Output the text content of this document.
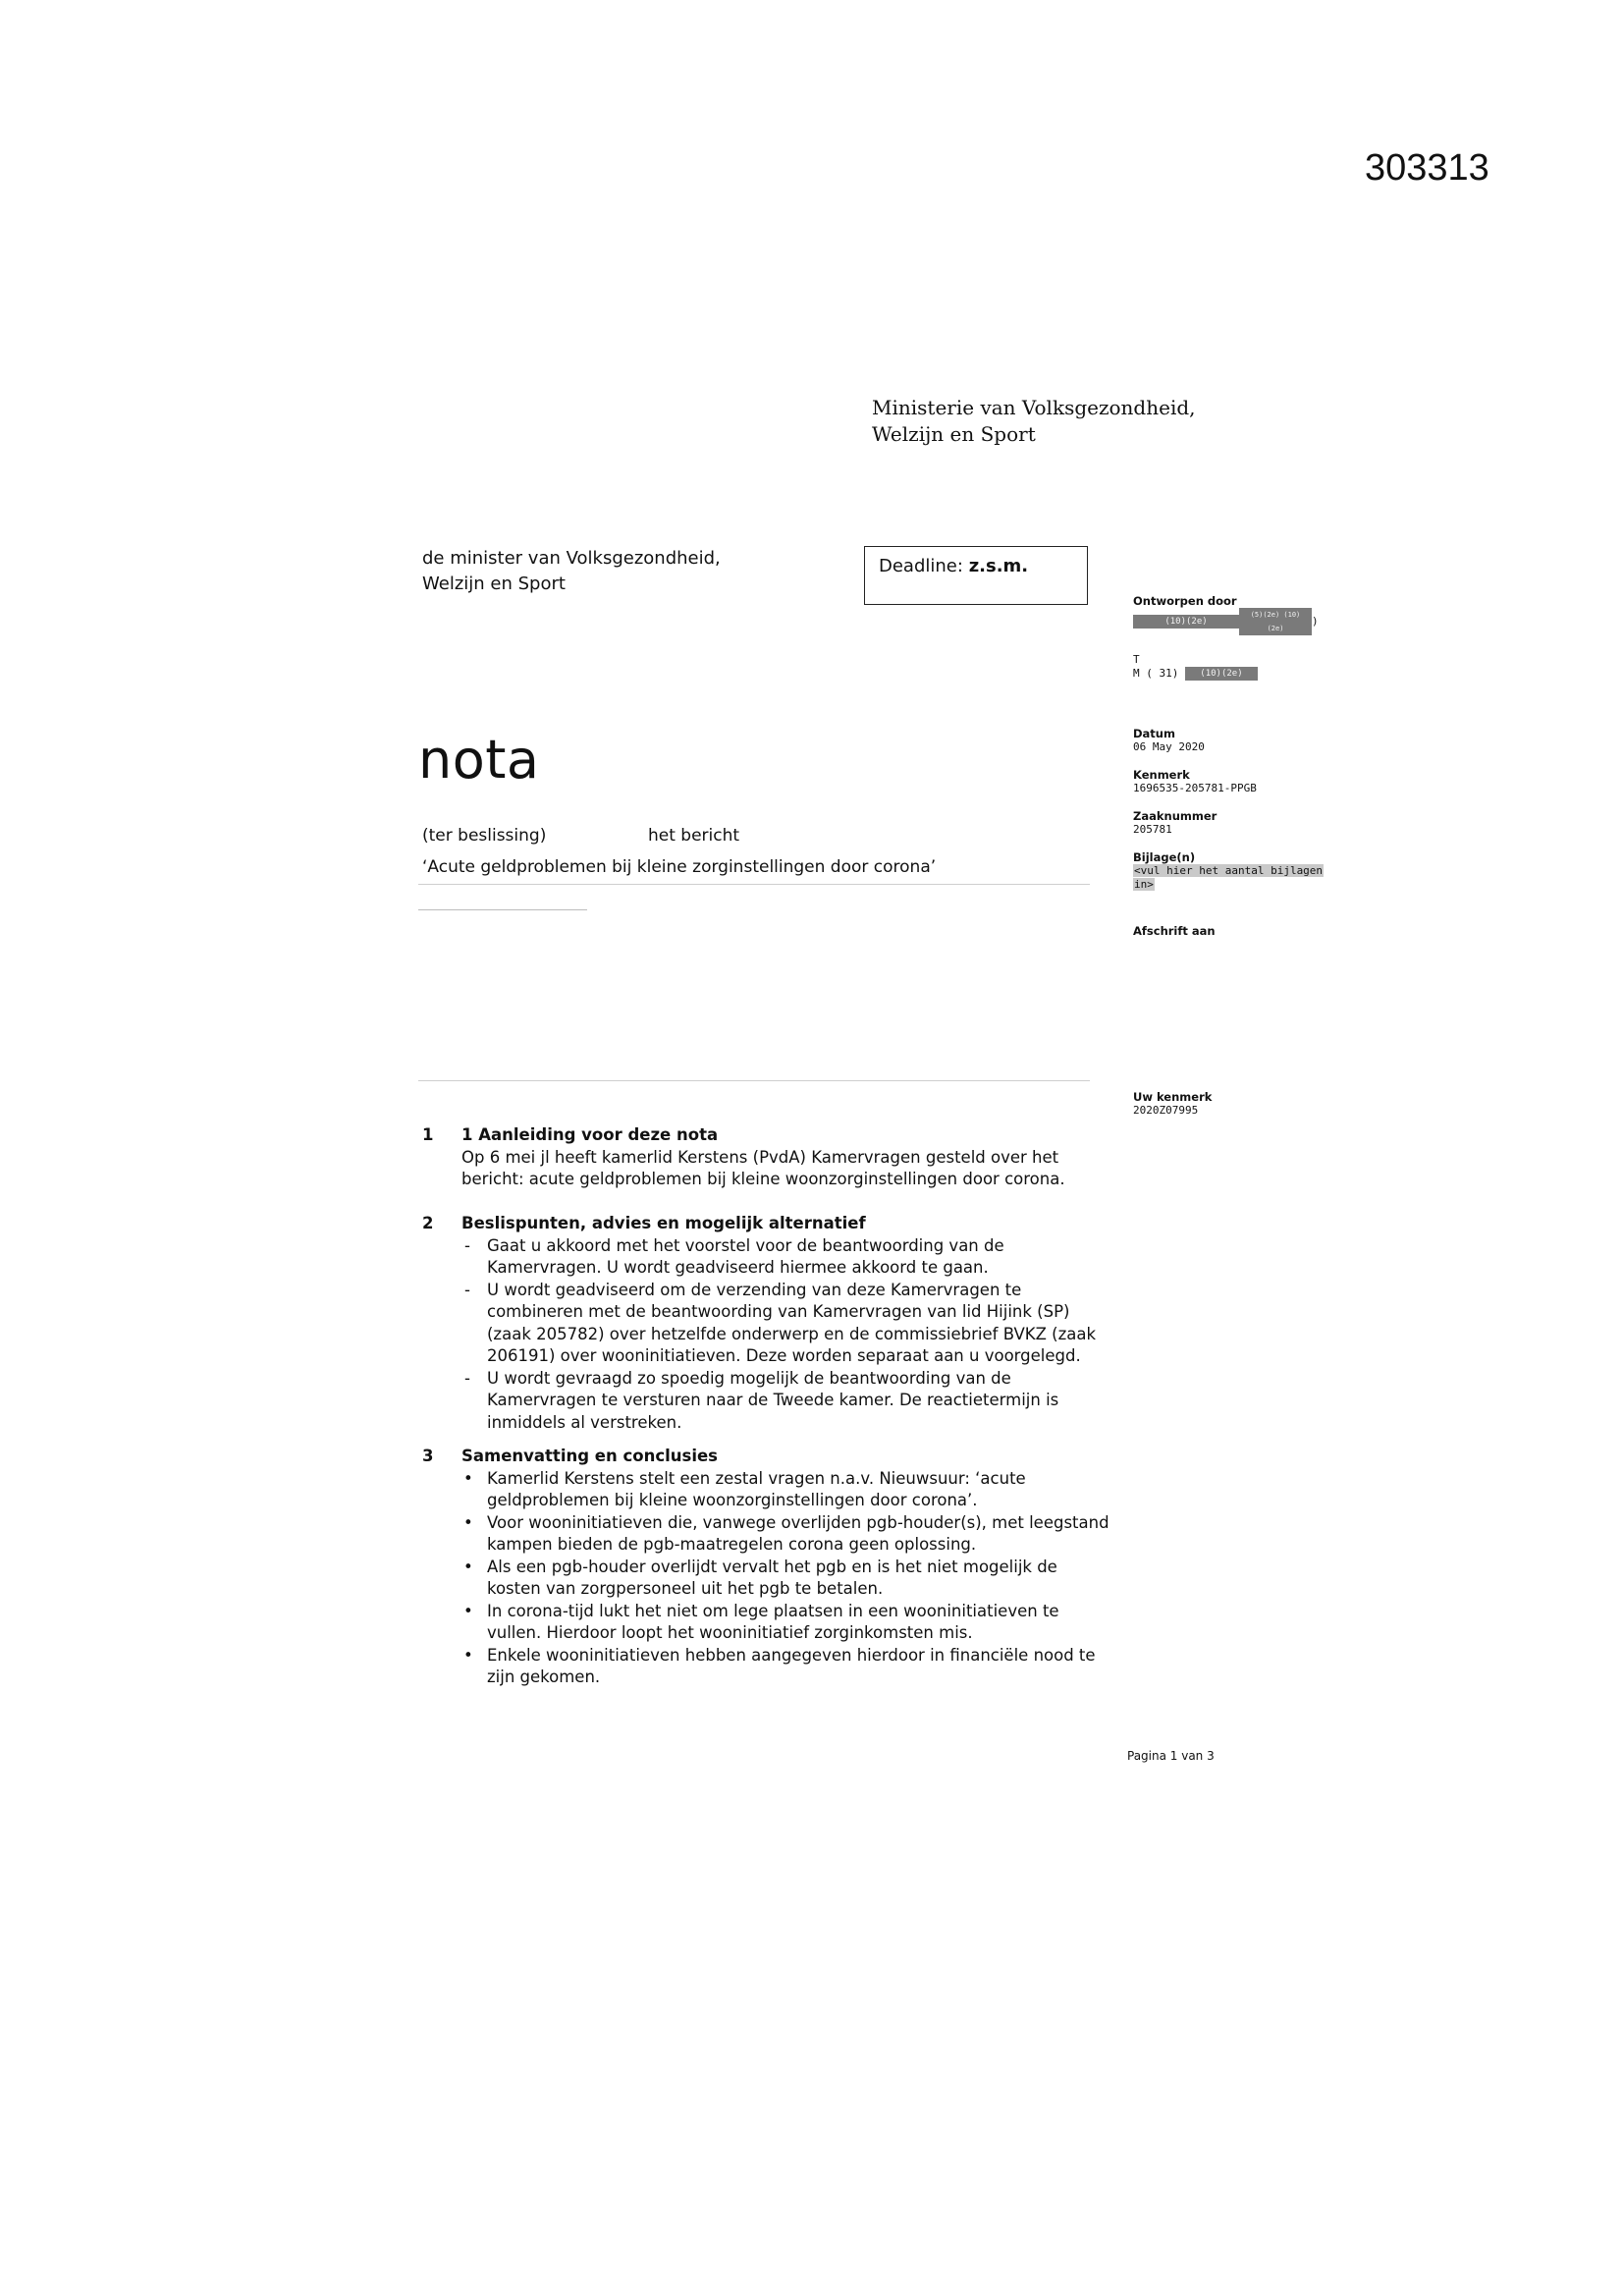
303313
Ministerie van Volksgezondheid,
Welzijn en Sport
de minister van Volksgezondheid,
Welzijn en Sport
Deadline: z.s.m.
nota
(ter beslissing)	het bericht
‘Acute geldproblemen bij kleine zorginstellingen door corona’
Ontworpen door
(10)(2e)(5)(2e) (10)(2e))
T
M ( 31) (10)(2e)
Datum
06 May 2020
Kenmerk
1696535-205781-PPGB
Zaaknummer
205781
Bijlage(n)
<vul hier het aantal bijlagen
in>
Afschrift aan
Uw kenmerk
2020Z07995
1 1 Aanleiding voor deze nota
Op 6 mei jl heeft kamerlid Kerstens (PvdA) Kamervragen gesteld over het bericht: acute geldproblemen bij kleine woonzorginstellingen door corona.
2 Beslispunten, advies en mogelijk alternatief
- Gaat u akkoord met het voorstel voor de beantwoording van de Kamervragen. U wordt geadviseerd hiermee akkoord te gaan.
- U wordt geadviseerd om de verzending van deze Kamervragen te combineren met de beantwoording van Kamervragen van lid Hijink (SP) (zaak 205782) over hetzelfde onderwerp en de commissiebrief BVKZ (zaak 206191) over wooninitiatieven. Deze worden separaat aan u voorgelegd.
- U wordt gevraagd zo spoedig mogelijk de beantwoording van de Kamervragen te versturen naar de Tweede kamer. De reactietermijn is inmiddels al verstreken.
3 Samenvatting en conclusies
• Kamerlid Kerstens stelt een zestal vragen n.a.v. Nieuwsuur: ‘acute geldproblemen bij kleine woonzorginstellingen door corona’.
• Voor wooninitiatieven die, vanwege overlijden pgb-houder(s), met leegstand kampen bieden de pgb-maatregelen corona geen oplossing.
• Als een pgb-houder overlijdt vervalt het pgb en is het niet mogelijk de kosten van zorgpersoneel uit het pgb te betalen.
• In corona-tijd lukt het niet om lege plaatsen in een wooninitiatieven te vullen. Hierdoor loopt het wooninitiatief zorginkomsten mis.
• Enkele wooninitiatieven hebben aangegeven hierdoor in financiële nood te zijn gekomen.
Pagina 1 van 3
